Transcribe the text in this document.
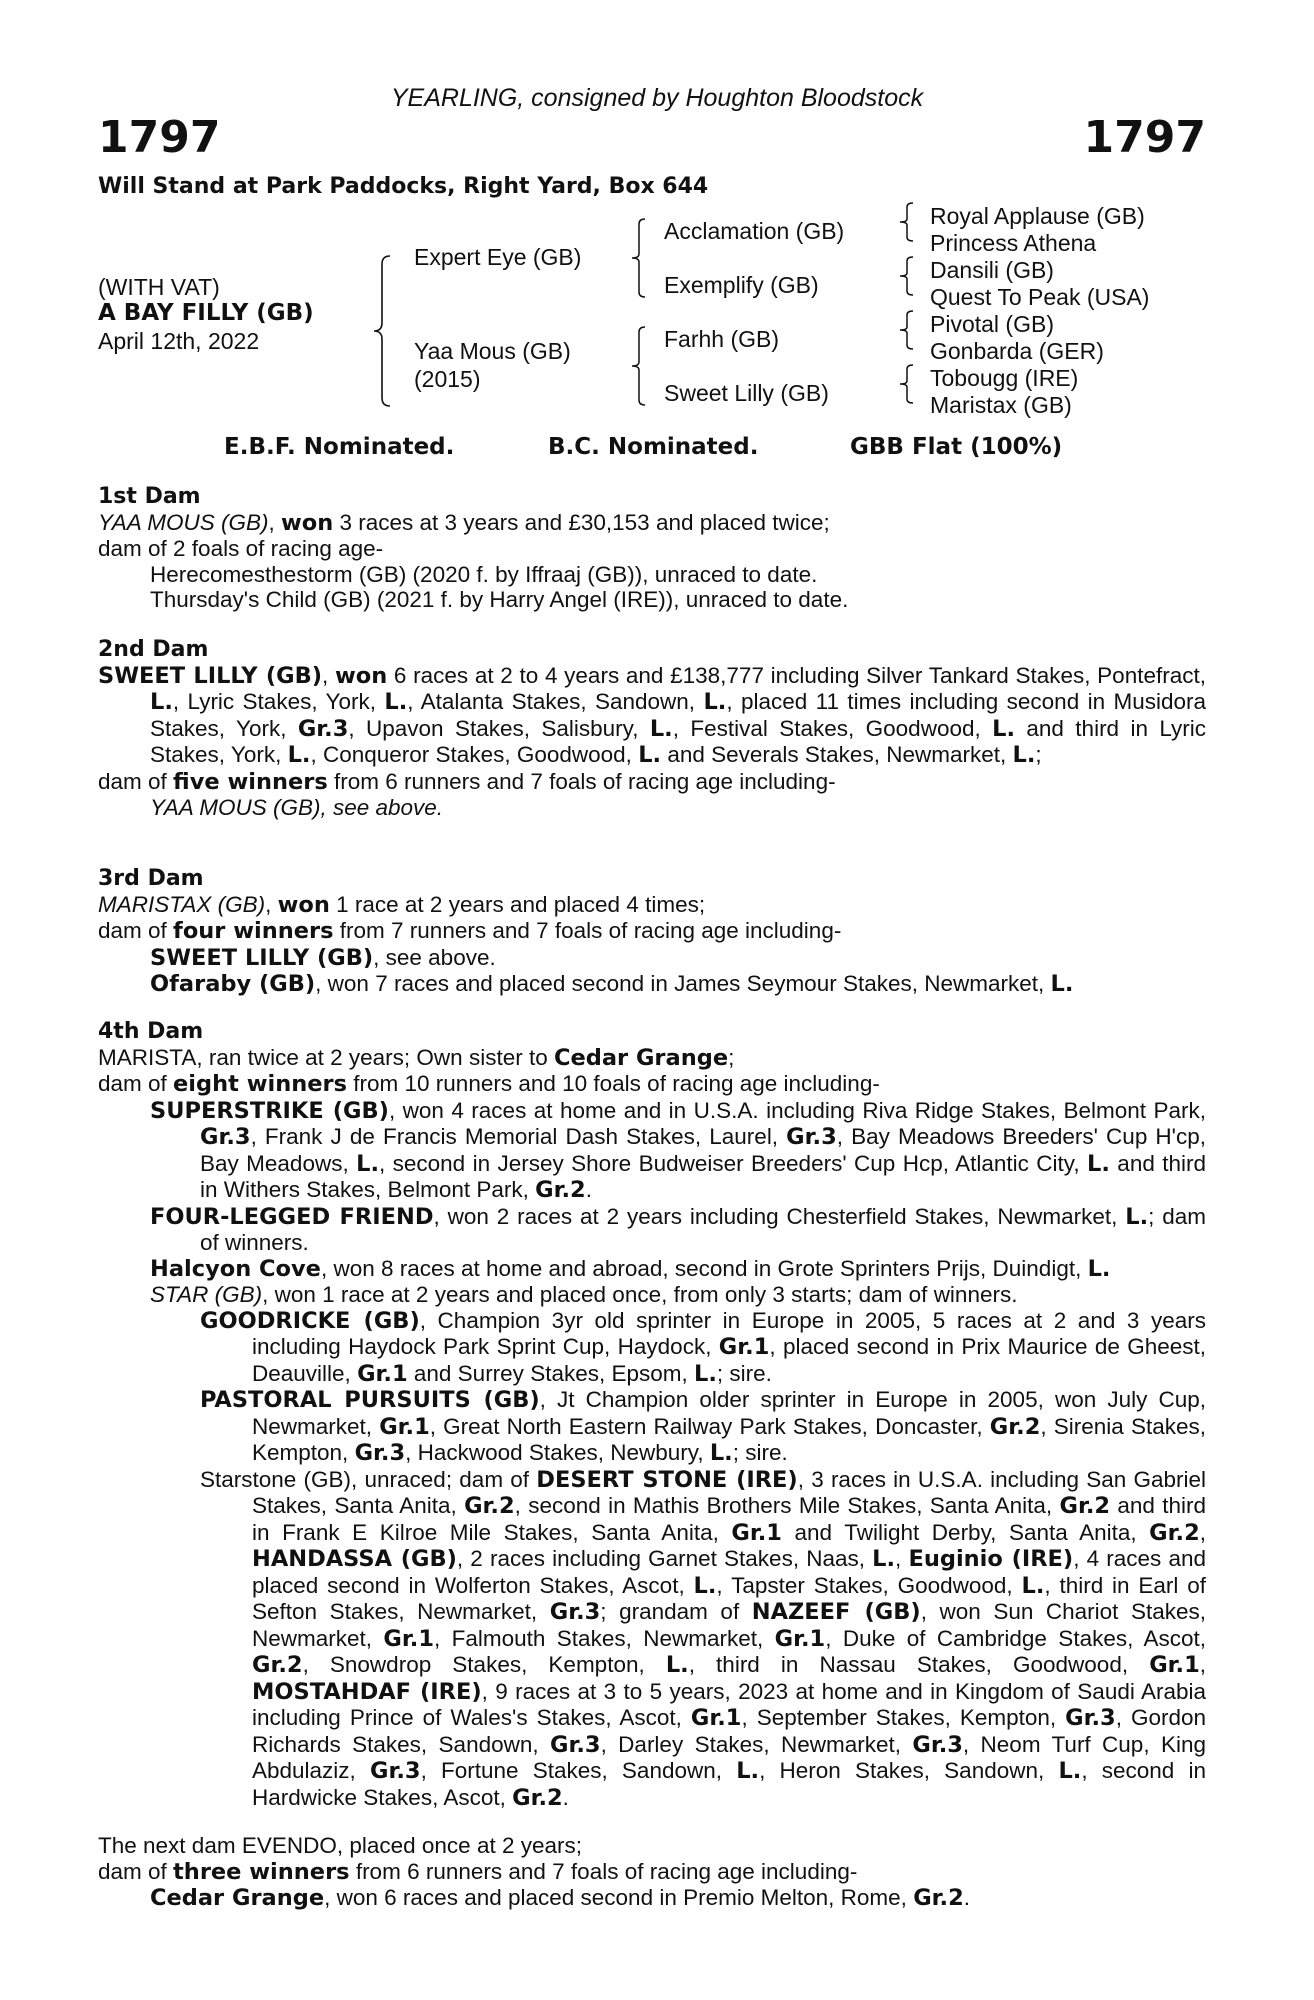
YEARLING, consigned by Houghton Bloodstock
1797	1797
Will Stand at Park Paddocks, Right Yard, Box 644
(WITH VAT)
A BAY FILLY (GB)
April 12th, 2022
Expert Eye (GB)
Yaa Mous (GB)
(2015)
Acclamation (GB)
Exemplify (GB)
Farhh (GB)
Sweet Lilly (GB)
Royal Applause (GB)
Princess Athena
Dansili (GB)
Quest To Peak (USA)
Pivotal (GB)
Gonbarda (GER)
Tobougg (IRE)
Maristax (GB)
E.B.F. Nominated.	B.C. Nominated.	GBB Flat (100%)

1st Dam

YAA MOUS (GB), won 3 races at 3 years and £30,153 and placed twice;

dam of 2 foals of racing age-

Herecomesthestorm (GB) (2020 f. by Iffraaj (GB)), unraced to date.

Thursday's Child (GB) (2021 f. by Harry Angel (IRE)), unraced to date.

2nd Dam

SWEET LILLY (GB), won 6 races at 2 to 4 years and £138,777 including Silver Tankard Stakes, Pontefract, L., Lyric Stakes, York, L., Atalanta Stakes, Sandown, L., placed 11 times including second in Musidora Stakes, York, Gr.3, Upavon Stakes, Salisbury, L., Festival Stakes, Goodwood, L. and third in Lyric Stakes, York, L., Conqueror Stakes, Goodwood, L. and Severals Stakes, Newmarket, L.;

dam of five winners from 6 runners and 7 foals of racing age including-

YAA MOUS (GB), see above.

3rd Dam

MARISTAX (GB), won 1 race at 2 years and placed 4 times;

dam of four winners from 7 runners and 7 foals of racing age including-

SWEET LILLY (GB), see above.

Ofaraby (GB), won 7 races and placed second in James Seymour Stakes, Newmarket, L.

4th Dam

MARISTA, ran twice at 2 years; Own sister to Cedar Grange;

dam of eight winners from 10 runners and 10 foals of racing age including-

SUPERSTRIKE (GB), won 4 races at home and in U.S.A. including Riva Ridge Stakes, Belmont Park, Gr.3, Frank J de Francis Memorial Dash Stakes, Laurel, Gr.3, Bay Meadows Breeders' Cup H'cp, Bay Meadows, L., second in Jersey Shore Budweiser Breeders' Cup Hcp, Atlantic City, L. and third in Withers Stakes, Belmont Park, Gr.2.

FOUR-LEGGED FRIEND, won 2 races at 2 years including Chesterfield Stakes, Newmarket, L.; dam of winners.

Halcyon Cove, won 8 races at home and abroad, second in Grote Sprinters Prijs, Duindigt, L.

STAR (GB), won 1 race at 2 years and placed once, from only 3 starts; dam of winners.

GOODRICKE (GB), Champion 3yr old sprinter in Europe in 2005, 5 races at 2 and 3 years including Haydock Park Sprint Cup, Haydock, Gr.1, placed second in Prix Maurice de Gheest, Deauville, Gr.1 and Surrey Stakes, Epsom, L.; sire.

PASTORAL PURSUITS (GB), Jt Champion older sprinter in Europe in 2005, won July Cup, Newmarket, Gr.1, Great North Eastern Railway Park Stakes, Doncaster, Gr.2, Sirenia Stakes, Kempton, Gr.3, Hackwood Stakes, Newbury, L.; sire.

Starstone (GB), unraced; dam of DESERT STONE (IRE), 3 races in U.S.A. including San Gabriel Stakes, Santa Anita, Gr.2, second in Mathis Brothers Mile Stakes, Santa Anita, Gr.2 and third in Frank E Kilroe Mile Stakes, Santa Anita, Gr.1 and Twilight Derby, Santa Anita, Gr.2, HANDASSA (GB), 2 races including Garnet Stakes, Naas, L., Euginio (IRE), 4 races and placed second in Wolferton Stakes, Ascot, L., Tapster Stakes, Goodwood, L., third in Earl of Sefton Stakes, Newmarket, Gr.3; grandam of NAZEEF (GB), won Sun Chariot Stakes, Newmarket, Gr.1, Falmouth Stakes, Newmarket, Gr.1, Duke of Cambridge Stakes, Ascot, Gr.2, Snowdrop Stakes, Kempton, L., third in Nassau Stakes, Goodwood, Gr.1, MOSTAHDAF (IRE), 9 races at 3 to 5 years, 2023 at home and in Kingdom of Saudi Arabia including Prince of Wales's Stakes, Ascot, Gr.1, September Stakes, Kempton, Gr.3, Gordon Richards Stakes, Sandown, Gr.3, Darley Stakes, Newmarket, Gr.3, Neom Turf Cup, King Abdulaziz, Gr.3, Fortune Stakes, Sandown, L., Heron Stakes, Sandown, L., second in Hardwicke Stakes, Ascot, Gr.2.

The next dam EVENDO, placed once at 2 years;

dam of three winners from 6 runners and 7 foals of racing age including-

Cedar Grange, won 6 races and placed second in Premio Melton, Rome, Gr.2.
